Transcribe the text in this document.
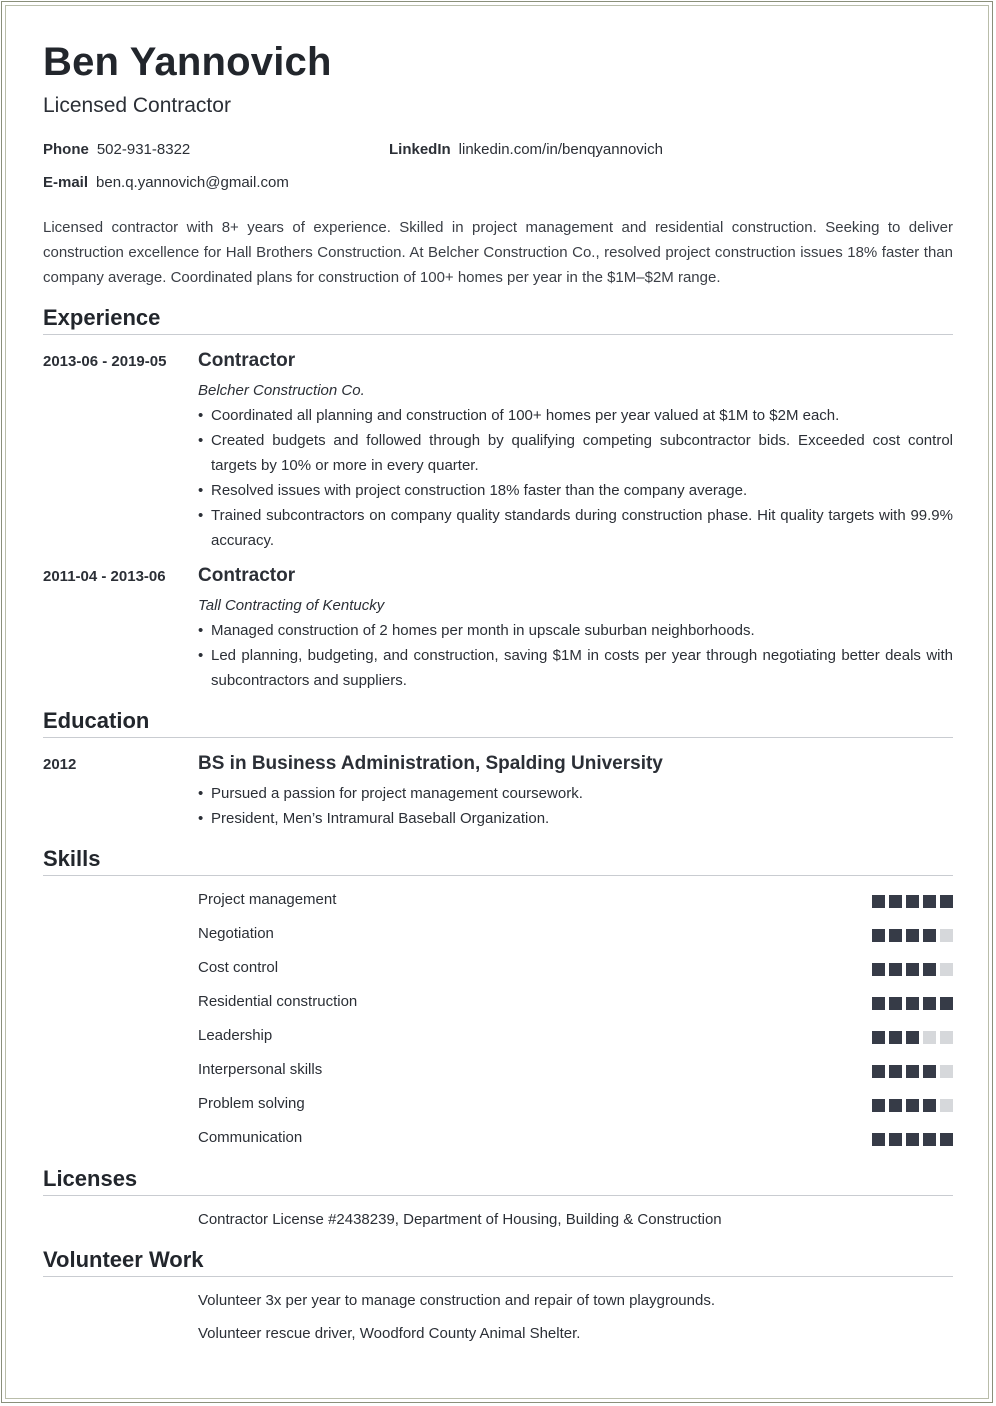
Ben Yannovich
Licensed Contractor
Phone 502-931-8322	LinkedIn linkedin.com/in/benqyannovich
E-mail ben.q.yannovich@gmail.com
Licensed contractor with 8+ years of experience. Skilled in project management and residential construction. Seeking to deliver construction excellence for Hall Brothers Construction. At Belcher Construction Co., resolved project construction issues 18% faster than company average. Coordinated plans for construction of 100+ homes per year in the $1M–$2M range.
Experience
2013-06 - 2019-05 Contractor
Belcher Construction Co.
• Coordinated all planning and construction of 100+ homes per year valued at $1M to $2M each.
• Created budgets and followed through by qualifying competing subcontractor bids. Exceeded cost control targets by 10% or more in every quarter.
• Resolved issues with project construction 18% faster than the company average.
• Trained subcontractors on company quality standards during construction phase. Hit quality targets with 99.9% accuracy.
2011-04 - 2013-06 Contractor
Tall Contracting of Kentucky
• Managed construction of 2 homes per month in upscale suburban neighborhoods.
• Led planning, budgeting, and construction, saving $1M in costs per year through negotiating better deals with subcontractors and suppliers.
Education
2012	BS in Business Administration, Spalding University
• Pursued a passion for project management coursework.
• President, Men’s Intramural Baseball Organization.
Skills
Project management
Negotiation
Cost control
Residential construction
Leadership
Interpersonal skills
Problem solving
Communication
Licenses
Contractor License #2438239, Department of Housing, Building & Construction
Volunteer Work
Volunteer 3x per year to manage construction and repair of town playgrounds.
Volunteer rescue driver, Woodford County Animal Shelter.
